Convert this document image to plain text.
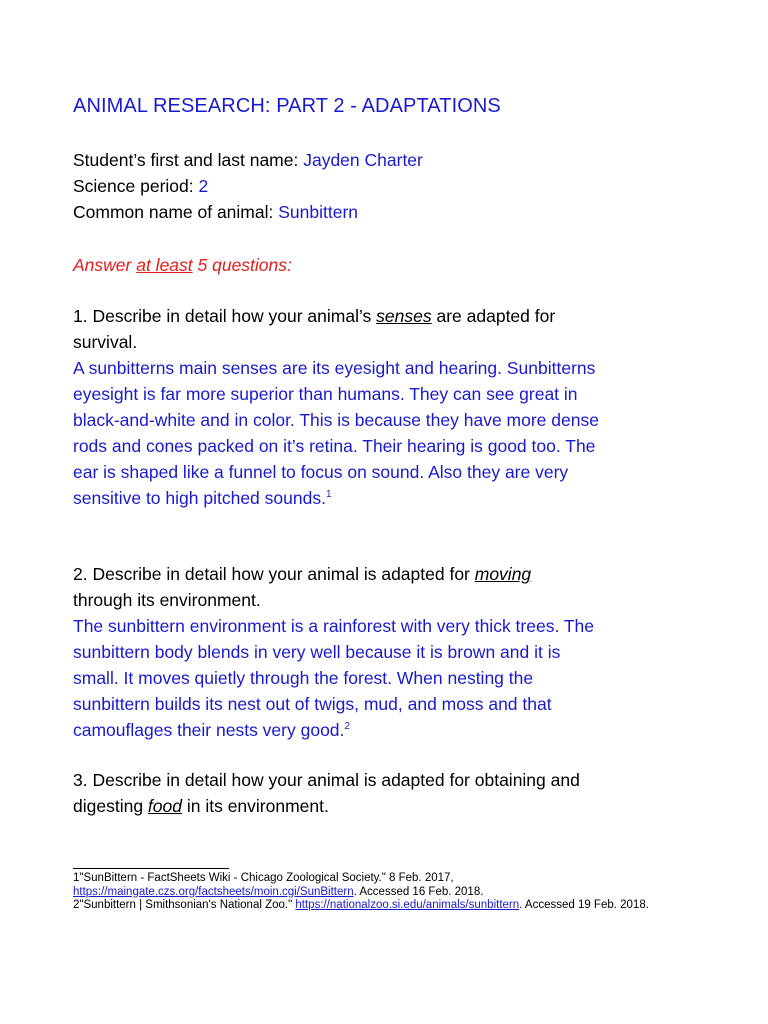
ANIMAL RESEARCH: PART 2 - ADAPTATIONS
Student’s first and last name: Jayden Charter
Science period: 2
Common name of animal: Sunbittern
Answer at least 5 questions:
1. Describe in detail how your animal’s senses are adapted for
survival.
A sunbitterns main senses are its eyesight and hearing. Sunbitterns
eyesight is far more superior than humans. They can see great in
black-and-white and in color. This is because they have more dense
rods and cones packed on it’s retina. Their hearing is good too. The
ear is shaped like a funnel to focus on sound. Also they are very
sensitive to high pitched sounds.$^1$
2. Describe in detail how your animal is adapted for moving
through its environment.
The sunbittern environment is a rainforest with very thick trees. The
sunbittern body blends in very well because it is brown and it is
small. It moves quietly through the forest. When nesting the
sunbittern builds its nest out of twigs, mud, and moss and that
camouflages their nests very good.$^2$
3. Describe in detail how your animal is adapted for obtaining and
digesting food in its environment.
1"SunBittern - FactSheets Wiki - Chicago Zoological Society." 8 Feb. 2017,
https://maingate.czs.org/factsheets/moin.cgi/SunBittern. Accessed 16 Feb. 2018.
2"Sunbittern | Smithsonian's National Zoo." https://nationalzoo.si.edu/animals/sunbittern. Accessed 19 Feb. 2018.
